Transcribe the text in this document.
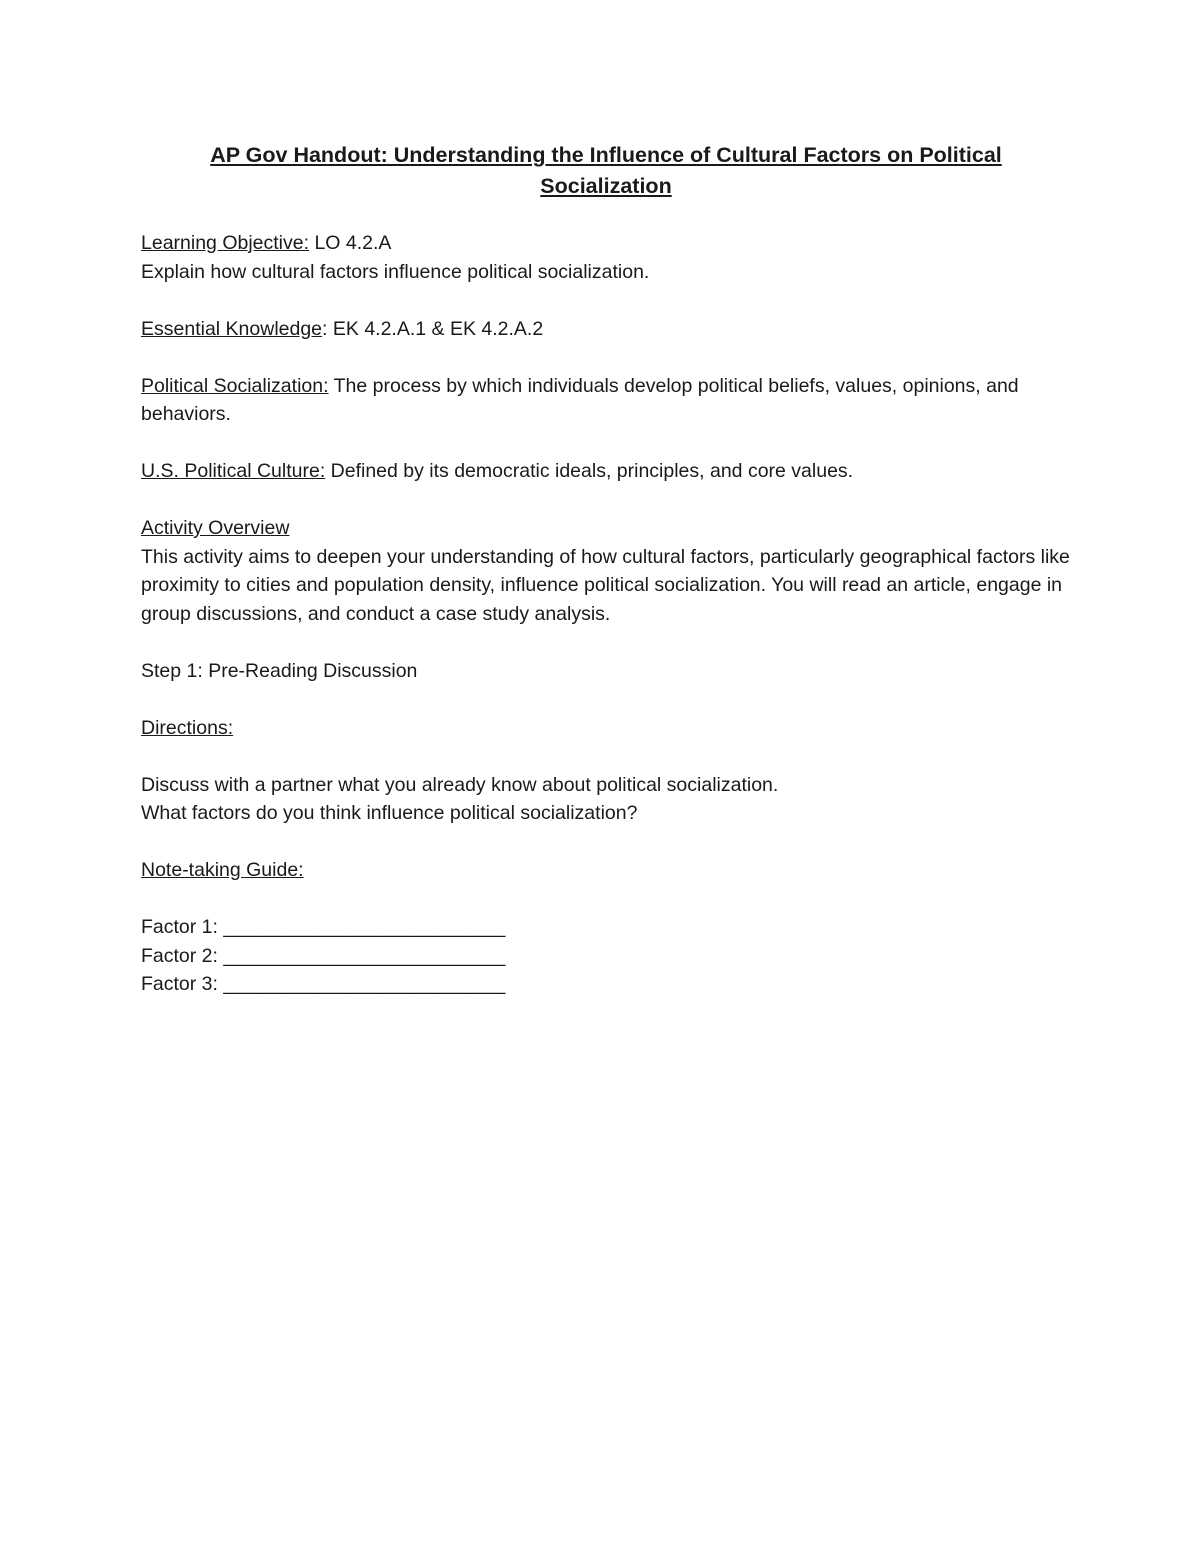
AP Gov Handout: Understanding the Influence of Cultural Factors on Political
Socialization

Learning Objective: LO 4.2.A

Explain how cultural factors influence political socialization.

Essential Knowledge: EK 4.2.A.1 & EK 4.2.A.2

Political Socialization: The process by which individuals develop political beliefs, values, opinions, and behaviors.

U.S. Political Culture: Defined by its democratic ideals, principles, and core values.

Activity Overview

This activity aims to deepen your understanding of how cultural factors, particularly geographical factors like proximity to cities and population density, influence political socialization. You will read an article, engage in group discussions, and conduct a case study analysis.

Step 1: Pre-Reading Discussion

Directions:

Discuss with a partner what you already know about political socialization.

What factors do you think influence political socialization?

Note-taking Guide:

Factor 1: __________________________

Factor 2: __________________________

Factor 3: __________________________
